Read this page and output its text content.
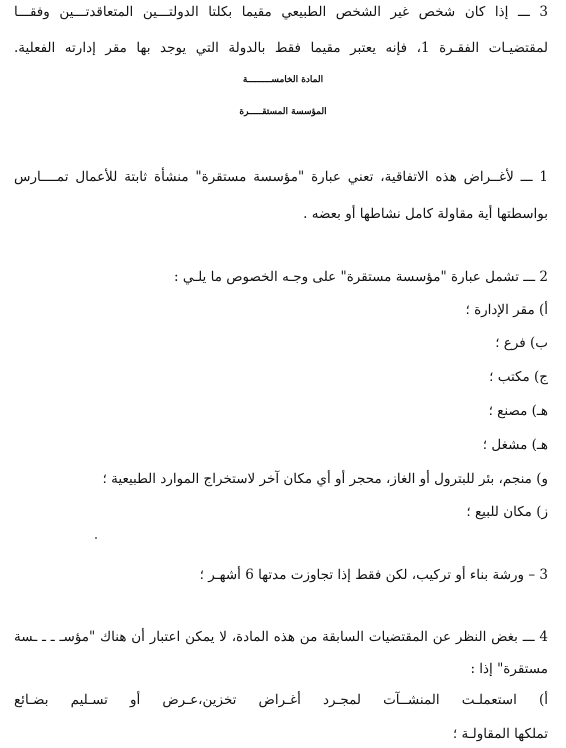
3 ـــ إذا كان شخص غير الشخص الطبيعي مقيما بكلتا الدولتـــين المتعاقدتـــين وفقـــا
لمقتضيـات الفقـرة 1، فإنه يعتبر مقيما فقط بالدولة التي يوجد بها مقر إدارته الفعلية.
المادة الخامســـــــــة
المؤسسة المستقـــــرة
1 ـــ لأغــراض هذه الاتفاقية، تعني عبارة "مؤسسة مستقرة" منشأة ثابتة للأعمال تمــــارس
بواسطتها أية مقاولة كامل نشاطها أو بعضه .
2 ـــ تشمل عبارة "مؤسسة مستقرة" على وجـه الخصوص ما يلـي :
أ) مقر الإدارة ؛
ب) فرع ؛
ج) مكتب ؛
هـ) مصنع ؛
هـ) مشغل ؛
و) منجم، بئر للبترول أو الغاز، محجر أو أي مكان آخر لاستخراج الموارد الطبيعية ؛
ز) مكان للبيع ؛
3 – ورشة بناء أو تركيب، لكن فقط إذا تجاوزت مدتها 6 أشهـر ؛
4 ـــ بغض النظر عن المقتضيات السابقة من هذه المادة، لا يمكن اعتبار أن هناك "مؤسـ ـ ـ ـسة
مستقرة" إذا :
أ) استعملـت المنشــآت لمجـرد أغـراض تخزين،عـرض أو تسـليم بضـائع
تملكها المقاولـة ؛
